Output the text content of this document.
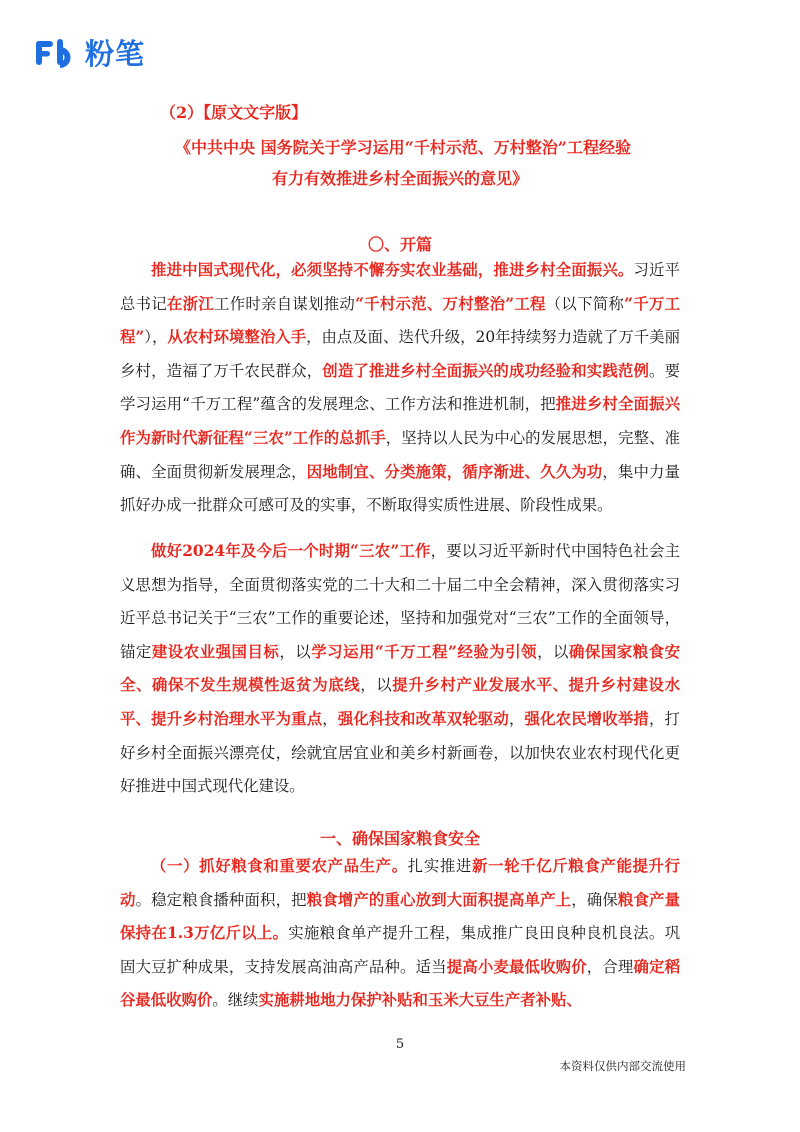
粉笔
（2）【原文文字版】
《中共中央 国务院关于学习运用“千村示范、万村整治”工程经验
有力有效推进乡村全面振兴的意见》
〇、开篇
推进中国式现代化，必须坚持不懈夯实农业基础，推进乡村全面振兴。习近平总书记在浙江工作时亲自谋划推动“千村示范、万村整治”工程（以下简称“千万工程”），从农村环境整治入手，由点及面、迭代升级，20年持续努力造就了万千美丽乡村，造福了万千农民群众，创造了推进乡村全面振兴的成功经验和实践范例。要学习运用“千万工程”蕴含的发展理念、工作方法和推进机制，把推进乡村全面振兴作为新时代新征程“三农”工作的总抓手，坚持以人民为中心的发展思想，完整、准确、全面贯彻新发展理念，因地制宜、分类施策，循序渐进、久久为功，集中力量抓好办成一批群众可感可及的实事，不断取得实质性进展、阶段性成果。
做好2024年及今后一个时期“三农”工作，要以习近平新时代中国特色社会主义思想为指导，全面贯彻落实党的二十大和二十届二中全会精神，深入贯彻落实习近平总书记关于“三农”工作的重要论述，坚持和加强党对“三农”工作的全面领导，锚定建设农业强国目标，以学习运用“千万工程”经验为引领，以确保国家粮食安全、确保不发生规模性返贫为底线，以提升乡村产业发展水平、提升乡村建设水平、提升乡村治理水平为重点，强化科技和改革双轮驱动，强化农民增收举措，打好乡村全面振兴漂亮仗，绘就宜居宜业和美乡村新画卷，以加快农业农村现代化更好推进中国式现代化建设。
一、确保国家粮食安全
（一）抓好粮食和重要农产品生产。扎实推进新一轮千亿斤粮食产能提升行动。稳定粮食播种面积，把粮食增产的重心放到大面积提高单产上，确保粮食产量保持在1.3万亿斤以上。实施粮食单产提升工程，集成推广良田良种良机良法。巩固大豆扩种成果，支持发展高油高产品种。适当提高小麦最低收购价，合理确定稻谷最低收购价。继续实施耕地地力保护补贴和玉米大豆生产者补贴、
5
本资料仅供内部交流使用
